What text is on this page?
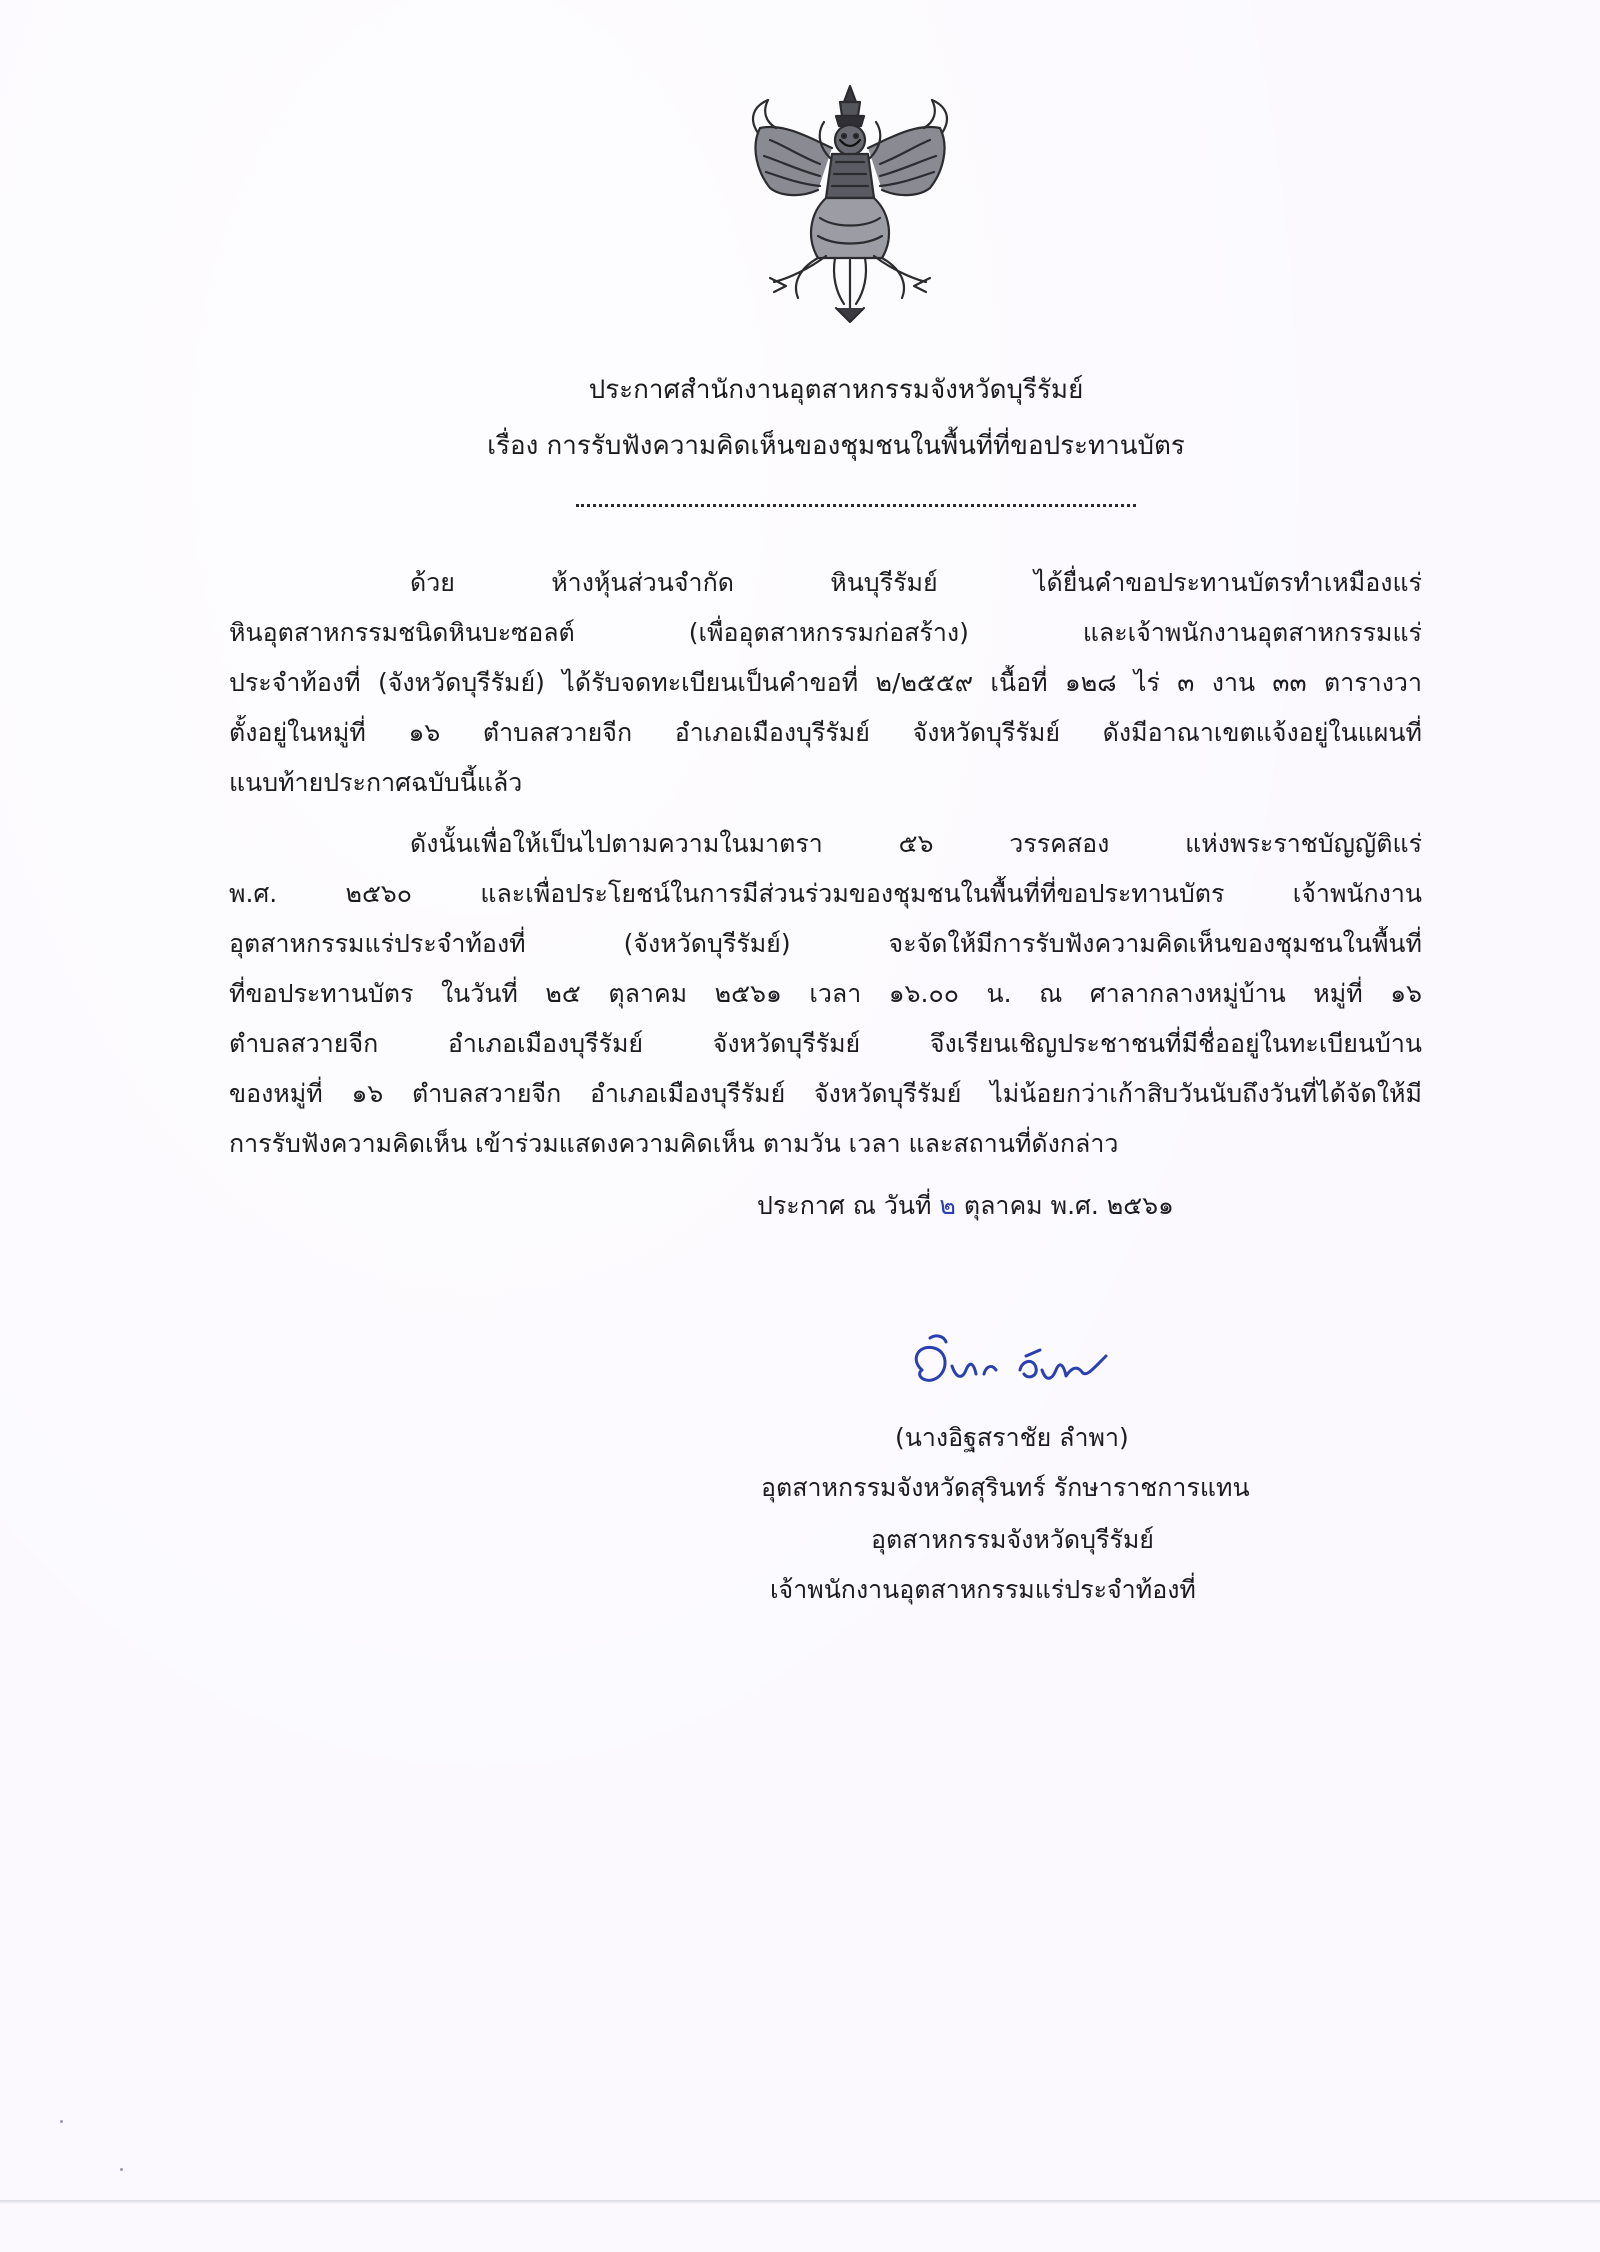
ประกาศสำนักงานอุตสาหกรรมจังหวัดบุรีรัมย์
เรื่อง การรับฟังความคิดเห็นของชุมชนในพื้นที่ที่ขอประทานบัตร
ด้วย ห้างหุ้นส่วนจำกัด หินบุรีรัมย์ ได้ยื่นคำขอประทานบัตรทำเหมืองแร่
หินอุตสาหกรรมชนิดหินบะซอลต์ (เพื่ออุตสาหกรรมก่อสร้าง) และเจ้าพนักงานอุตสาหกรรมแร่
ประจำท้องที่ (จังหวัดบุรีรัมย์) ได้รับจดทะเบียนเป็นคำขอที่ ๒/๒๕๕๙ เนื้อที่ ๑๒๘ ไร่ ๓ งาน ๓๓ ตารางวา
ตั้งอยู่ในหมู่ที่ ๑๖ ตำบลสวายจีก อำเภอเมืองบุรีรัมย์ จังหวัดบุรีรัมย์ ดังมีอาณาเขตแจ้งอยู่ในแผนที่
แนบท้ายประกาศฉบับนี้แล้ว
ดังนั้นเพื่อให้เป็นไปตามความในมาตรา ๕๖ วรรคสอง แห่งพระราชบัญญัติแร่
พ.ศ. ๒๕๖๐ และเพื่อประโยชน์ในการมีส่วนร่วมของชุมชนในพื้นที่ที่ขอประทานบัตร เจ้าพนักงาน
อุตสาหกรรมแร่ประจำท้องที่ (จังหวัดบุรีรัมย์) จะจัดให้มีการรับฟังความคิดเห็นของชุมชนในพื้นที่
ที่ขอประทานบัตร ในวันที่ ๒๕ ตุลาคม ๒๕๖๑ เวลา ๑๖.๐๐ น. ณ ศาลากลางหมู่บ้าน หมู่ที่ ๑๖
ตำบลสวายจีก อำเภอเมืองบุรีรัมย์ จังหวัดบุรีรัมย์ จึงเรียนเชิญประชาชนที่มีชื่ออยู่ในทะเบียนบ้าน
ของหมู่ที่ ๑๖ ตำบลสวายจีก อำเภอเมืองบุรีรัมย์ จังหวัดบุรีรัมย์ ไม่น้อยกว่าเก้าสิบวันนับถึงวันที่ได้จัดให้มี
การรับฟังความคิดเห็น เข้าร่วมแสดงความคิดเห็น ตามวัน เวลา และสถานที่ดังกล่าว
ประกาศ ณ วันที่ ๒ ตุลาคม พ.ศ. ๒๕๖๑
(นางอิฐสราชัย ลำพา)
อุตสาหกรรมจังหวัดสุรินทร์ รักษาราชการแทน
อุตสาหกรรมจังหวัดบุรีรัมย์
เจ้าพนักงานอุตสาหกรรมแร่ประจำท้องที่
